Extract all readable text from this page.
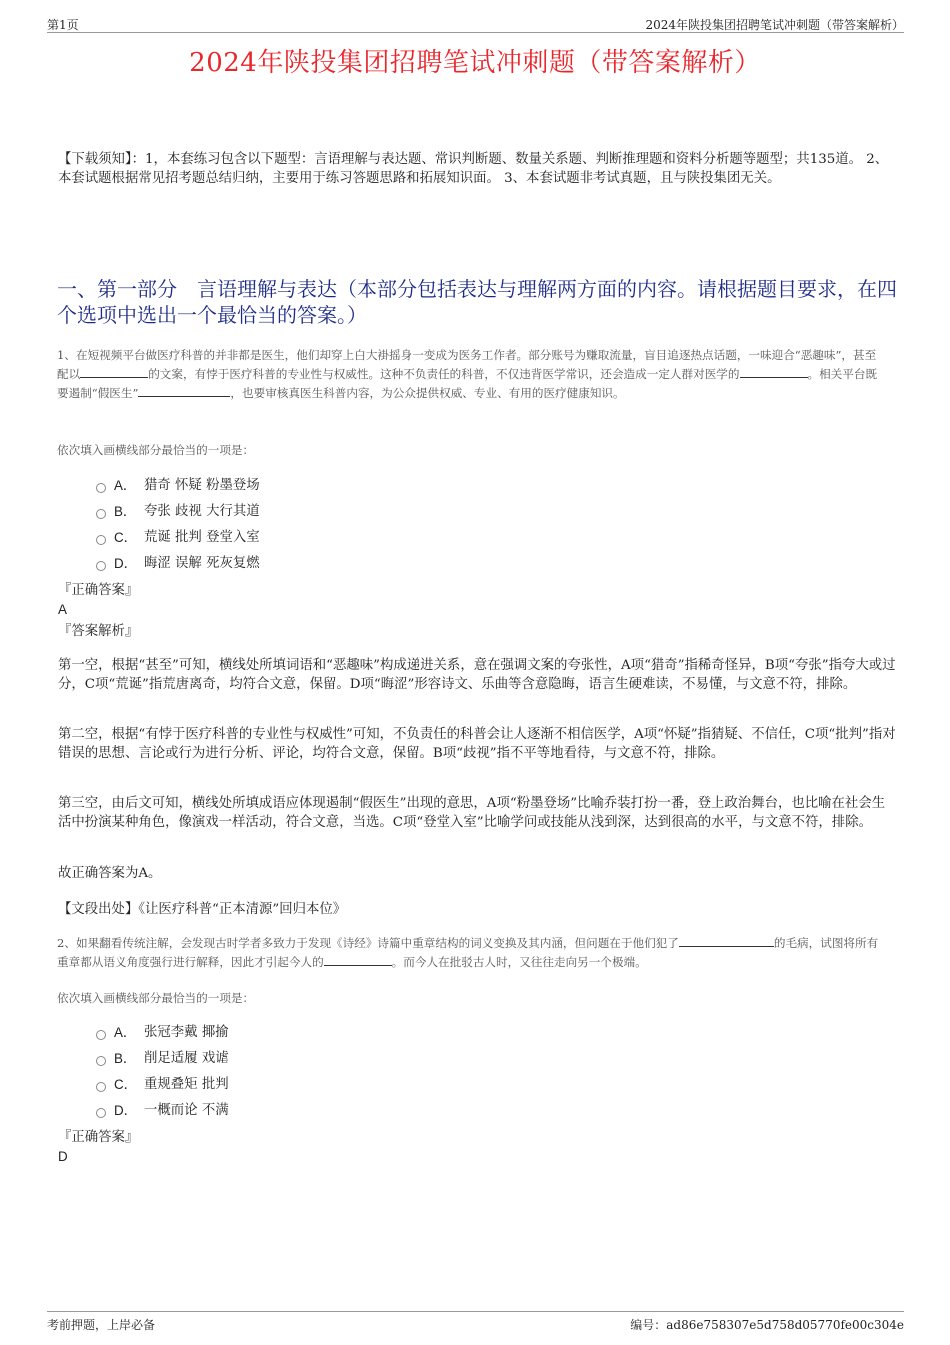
第1页	2024年陕投集团招聘笔试冲刺题（带答案解析）
2024年陕投集团招聘笔试冲刺题（带答案解析）
【下载须知】：1，本套练习包含以下题型：言语理解与表达题、常识判断题、数量关系题、判断推理题和资料分析题等题型；共135道。 2、本套试题根据常见招考题总结归纳，主要用于练习答题思路和拓展知识面。 3、本套试题非考试真题，且与陕投集团无关。
一、第一部分　言语理解与表达（本部分包括表达与理解两方面的内容。请根据题目要求，在四个选项中选出一个最恰当的答案。）
1、在短视频平台做医疗科普的并非都是医生，他们却穿上白大褂摇身一变成为医务工作者。部分账号为赚取流量，盲目追逐热点话题，一味迎合“恶趣味”，甚至配以	的文案，有悖于医疗科普的专业性与权威性。这种不负责任的科普，不仅违背医学常识，还会造成一定人群对医学的	。相关平台既要遏制“假医生”	，也要审核真医生科普内容，为公众提供权威、专业、有用的医疗健康知识。
依次填入画横线部分最恰当的一项是：
A． 猎奇 怀疑 粉墨登场
B． 夸张 歧视 大行其道
C． 荒诞 批判 登堂入室
D． 晦涩 误解 死灰复燃
『正确答案』
A
『答案解析』
第一空，根据“甚至”可知，横线处所填词语和“恶趣味”构成递进关系，意在强调文案的夸张性，A项“猎奇”指稀奇怪异，B项“夸张”指夸大或过分，C项“荒诞”指荒唐离奇，均符合文意，保留。D项“晦涩”形容诗文、乐曲等含意隐晦，语言生硬难读，不易懂，与文意不符，排除。
第二空，根据“有悖于医疗科普的专业性与权威性”可知，不负责任的科普会让人逐渐不相信医学，A项“怀疑”指猜疑、不信任，C项“批判”指对错误的思想、言论或行为进行分析、评论，均符合文意，保留。B项“歧视”指不平等地看待，与文意不符，排除。
第三空，由后文可知，横线处所填成语应体现遏制“假医生”出现的意思，A项“粉墨登场”比喻乔装打扮一番，登上政治舞台，也比喻在社会生活中扮演某种角色，像演戏一样活动，符合文意，当选。C项“登堂入室”比喻学问或技能从浅到深，达到很高的水平，与文意不符，排除。
故正确答案为A。
【文段出处】《让医疗科普“正本清源”回归本位》
2、如果翻看传统注解，会发现古时学者多致力于发现《诗经》诗篇中重章结构的词义变换及其内涵，但问题在于他们犯了	的毛病，试图将所有重章都从语义角度强行进行解释，因此才引起今人的	。而今人在批驳古人时，又往往走向另一个极端。
依次填入画横线部分最恰当的一项是：
A． 张冠李戴 揶揄
B． 削足适履 戏谑
C． 重规叠矩 批判
D． 一概而论 不满
『正确答案』
D
考前押题，上岸必备	编号：ad86e758307e5d758d05770fe00c304e
